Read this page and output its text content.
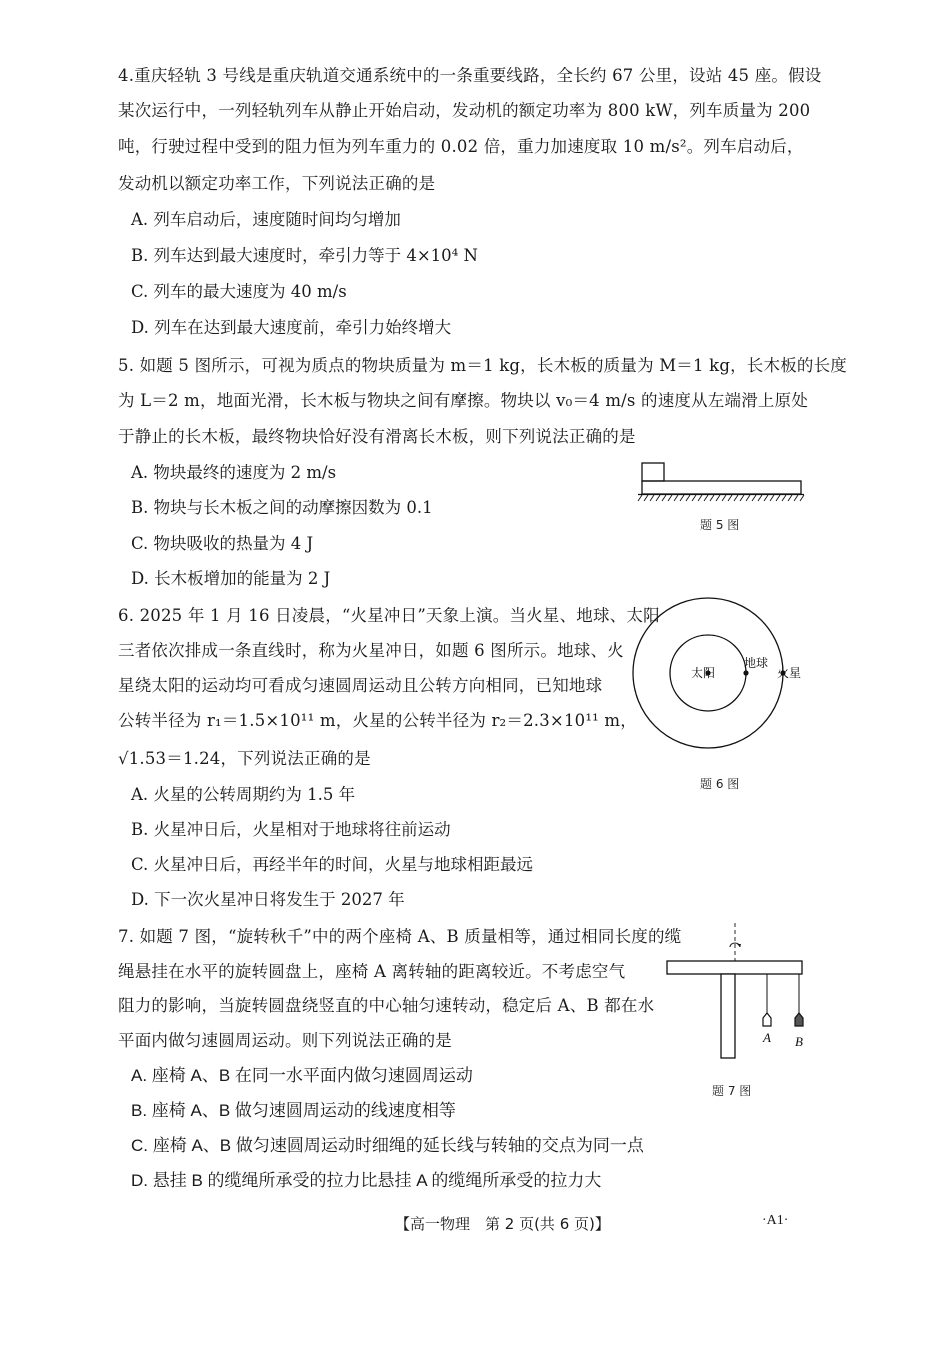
4.重庆轻轨 3 号线是重庆轨道交通系统中的一条重要线路，全长约 67 公里，设站 45 座。假设
某次运行中，一列轻轨列车从静止开始启动，发动机的额定功率为 800 kW，列车质量为 200
吨，行驶过程中受到的阻力恒为列车重力的 0.02 倍，重力加速度取 10 m/s²。列车启动后，
发动机以额定功率工作，下列说法正确的是
A. 列车启动后，速度随时间均匀增加
B. 列车达到最大速度时，牵引力等于 4×10⁴ N
C. 列车的最大速度为 40 m/s
D. 列车在达到最大速度前，牵引力始终增大
5. 如题 5 图所示，可视为质点的物块质量为 m＝1 kg，长木板的质量为 M＝1 kg，长木板的长度
为 L＝2 m，地面光滑，长木板与物块之间有摩擦。物块以 v₀＝4 m/s 的速度从左端滑上原处
于静止的长木板，最终物块恰好没有滑离长木板，则下列说法正确的是
A. 物块最终的速度为 2 m/s
B. 物块与长木板之间的动摩擦因数为 0.1
C. 物块吸收的热量为 4 J
D. 长木板增加的能量为 2 J
题 5 图
6. 2025 年 1 月 16 日凌晨，“火星冲日”天象上演。当火星、地球、太阳
三者依次排成一条直线时，称为火星冲日，如题 6 图所示。地球、火
星绕太阳的运动均可看成匀速圆周运动且公转方向相同，已知地球
公转半径为 r₁＝1.5×10¹¹ m，火星的公转半径为 r₂＝2.3×10¹¹ m，
√1.53＝1.24，下列说法正确的是
A. 火星的公转周期约为 1.5 年
B. 火星冲日后，火星相对于地球将往前运动
C. 火星冲日后，再经半年的时间，火星与地球相距最远
D. 下一次火星冲日将发生于 2027 年
太阳
地球
火星
题 6 图
7. 如题 7 图，“旋转秋千”中的两个座椅 A、B 质量相等，通过相同长度的缆
绳悬挂在水平的旋转圆盘上，座椅 A 离转轴的距离较近。不考虑空气
阻力的影响，当旋转圆盘绕竖直的中心轴匀速转动，稳定后 A、B 都在水
平面内做匀速圆周运动。则下列说法正确的是
A. 座椅 A、B 在同一水平面内做匀速圆周运动
B. 座椅 A、B 做匀速圆周运动的线速度相等
C. 座椅 A、B 做匀速圆周运动时细绳的延长线与转轴的交点为同一点
D. 悬挂 B 的缆绳所承受的拉力比悬挂 A 的缆绳所承受的拉力大
A B
题 7 图
【高一物理　第 2 页(共 6 页)】	·A1·
